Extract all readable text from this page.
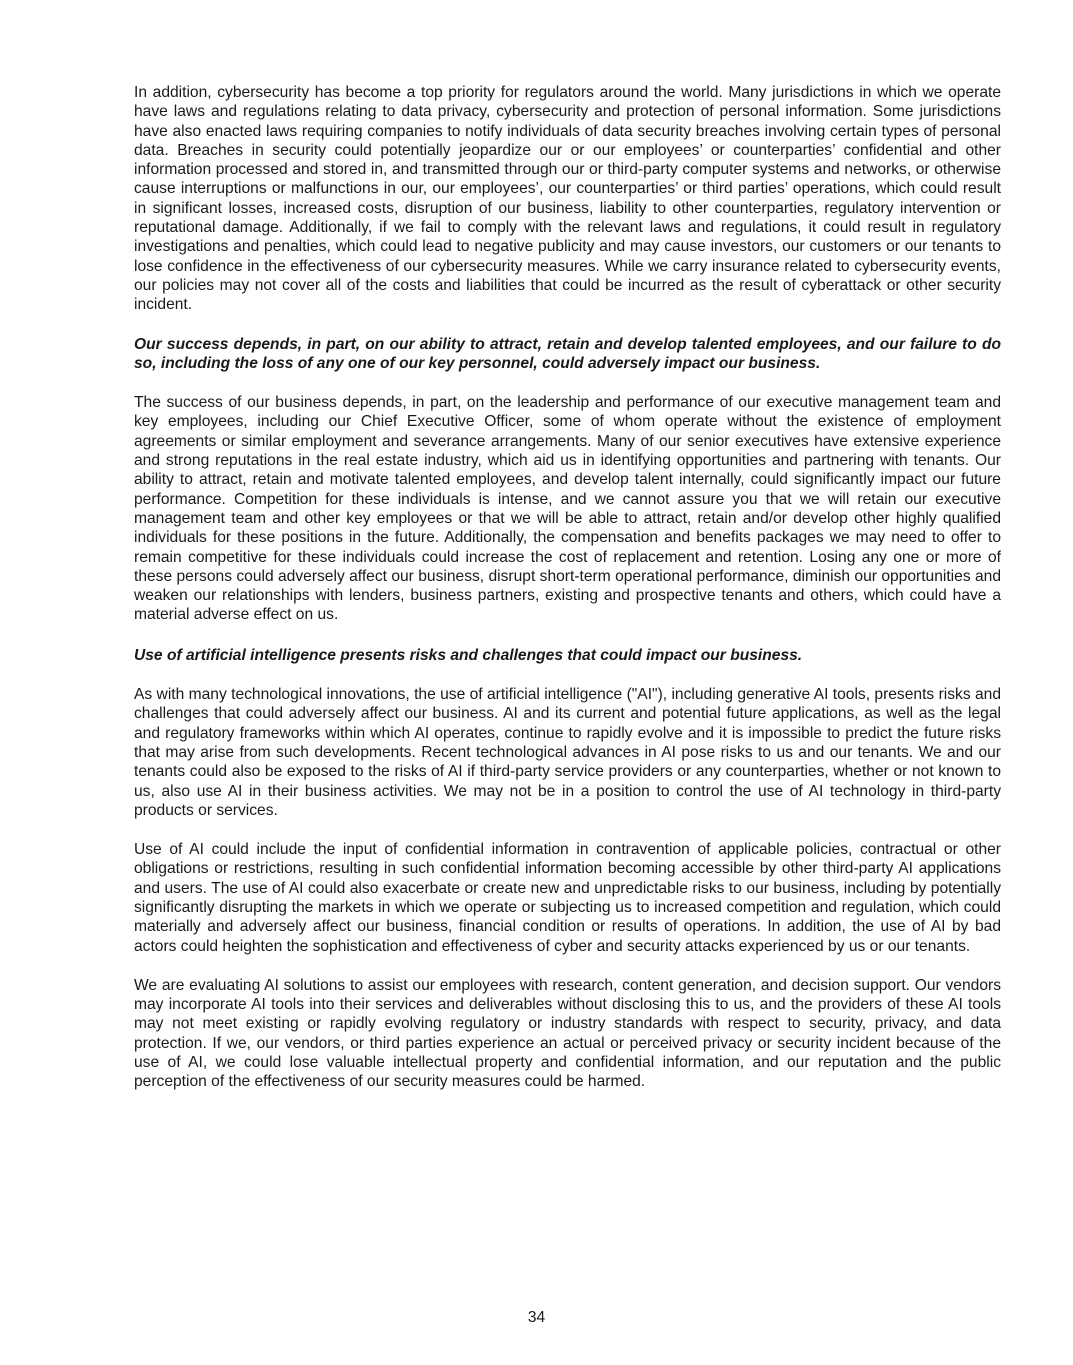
In addition, cybersecurity has become a top priority for regulators around the world. Many jurisdictions in which we operate have laws and regulations relating to data privacy, cybersecurity and protection of personal information. Some jurisdictions have also enacted laws requiring companies to notify individuals of data security breaches involving certain types of personal data. Breaches in security could potentially jeopardize our or our employees’ or counterparties’ confidential and other information processed and stored in, and transmitted through our or third-party computer systems and networks, or otherwise cause interruptions or malfunctions in our, our employees’, our counterparties’ or third parties’ operations, which could result in significant losses, increased costs, disruption of our business, liability to other counterparties, regulatory intervention or reputational damage. Additionally, if we fail to comply with the relevant laws and regulations, it could result in regulatory investigations and penalties, which could lead to negative publicity and may cause investors, our customers or our tenants to lose confidence in the effectiveness of our cybersecurity measures. While we carry insurance related to cybersecurity events, our policies may not cover all of the costs and liabilities that could be incurred as the result of cyberattack or other security incident.

Our success depends, in part, on our ability to attract, retain and develop talented employees, and our failure to do so, including the loss of any one of our key personnel, could adversely impact our business.

The success of our business depends, in part, on the leadership and performance of our executive management team and key employees, including our Chief Executive Officer, some of whom operate without the existence of employment agreements or similar employment and severance arrangements. Many of our senior executives have extensive experience and strong reputations in the real estate industry, which aid us in identifying opportunities and partnering with tenants. Our ability to attract, retain and motivate talented employees, and develop talent internally, could significantly impact our future performance. Competition for these individuals is intense, and we cannot assure you that we will retain our executive management team and other key employees or that we will be able to attract, retain and/or develop other highly qualified individuals for these positions in the future. Additionally, the compensation and benefits packages we may need to offer to remain competitive for these individuals could increase the cost of replacement and retention. Losing any one or more of these persons could adversely affect our business, disrupt short-term operational performance, diminish our opportunities and weaken our relationships with lenders, business partners, existing and prospective tenants and others, which could have a material adverse effect on us.

Use of artificial intelligence presents risks and challenges that could impact our business.

As with many technological innovations, the use of artificial intelligence ("AI"), including generative AI tools, presents risks and challenges that could adversely affect our business. AI and its current and potential future applications, as well as the legal and regulatory frameworks within which AI operates, continue to rapidly evolve and it is impossible to predict the future risks that may arise from such developments. Recent technological advances in AI pose risks to us and our tenants. We and our tenants could also be exposed to the risks of AI if third-party service providers or any counterparties, whether or not known to us, also use AI in their business activities. We may not be in a position to control the use of AI technology in third-party products or services.

Use of AI could include the input of confidential information in contravention of applicable policies, contractual or other obligations or restrictions, resulting in such confidential information becoming accessible by other third-party AI applications and users. The use of AI could also exacerbate or create new and unpredictable risks to our business, including by potentially significantly disrupting the markets in which we operate or subjecting us to increased competition and regulation, which could materially and adversely affect our business, financial condition or results of operations. In addition, the use of AI by bad actors could heighten the sophistication and effectiveness of cyber and security attacks experienced by us or our tenants.

We are evaluating AI solutions to assist our employees with research, content generation, and decision support. Our vendors may incorporate AI tools into their services and deliverables without disclosing this to us, and the providers of these AI tools may not meet existing or rapidly evolving regulatory or industry standards with respect to security, privacy, and data protection. If we, our vendors, or third parties experience an actual or perceived privacy or security incident because of the use of AI, we could lose valuable intellectual property and confidential information, and our reputation and the public perception of the effectiveness of our security measures could be harmed.

34
